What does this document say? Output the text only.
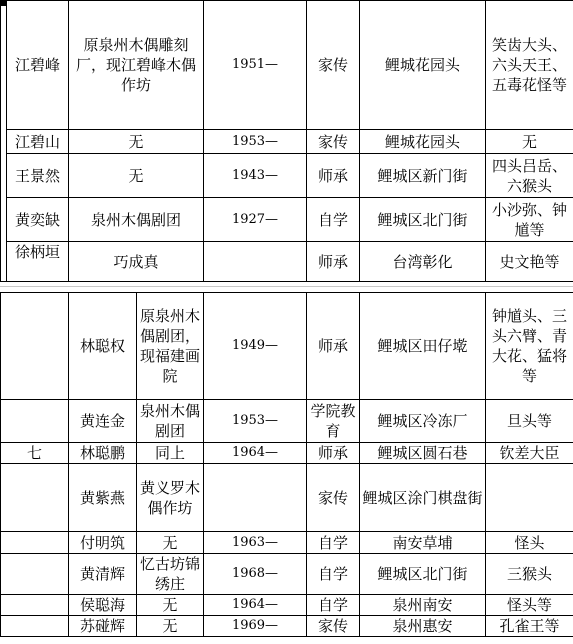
	江碧峰	原泉州木偶雕刻厂，现江碧峰木偶作坊	1951—	家传	鲤城花园头	笑齿大头、六头天王、五毒花怪等
	江碧山	无	1953—	家传	鲤城花园头	无
	王景然	无	1943—	师承	鲤城区新门街	四头吕岳、六猴头
	黄奕缺	泉州木偶剧团	1927—	自学	鲤城区北门街	小沙弥、钟馗等
	徐柄垣	巧成真		师承	台湾彰化	史文艳等
	林聪权	原泉州木偶剧团，现福建画院	1949—	师承	鲤城区田仔墘	钟馗头、三头六臂、青大花、猛将等
	黄连金	泉州木偶剧团	1953—	学院教育	鲤城区冷冻厂	旦头等
七	林聪鹏	同上	1964—	师承	鲤城区圆石巷	钦差大臣
	黄紫燕	黄义罗木偶作坊		家传	鲤城区涂门棋盘街	
	付明筑	无	1963—	自学	南安草埔	怪头
	黄清辉	忆古坊锦绣庄	1968—	自学	鲤城区北门街	三猴头
	侯聪海	无	1964—	自学	泉州南安	怪头等
	苏碰辉	无	1969—	家传	泉州惠安	孔雀王等
